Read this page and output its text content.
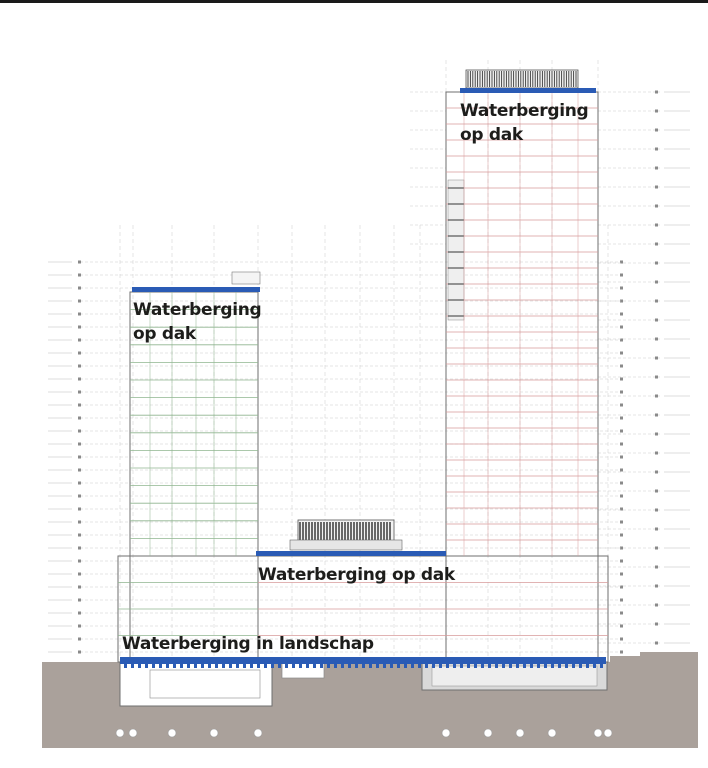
Waterberging
op dak
Waterberging
op dak
Waterberging op dak
Waterberging in landschap
